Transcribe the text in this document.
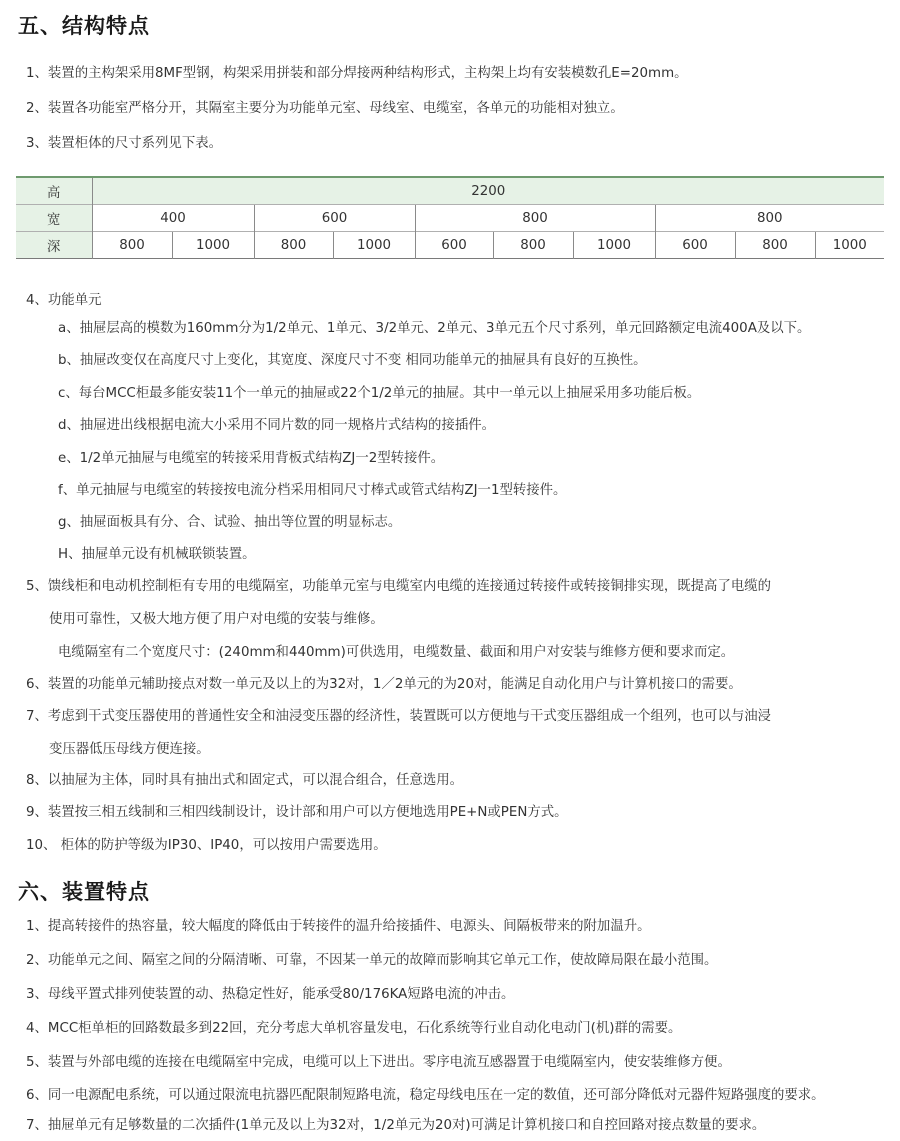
五、结构特点

1、装置的主构架采用8MF型钢，构架采用拼装和部分焊接两种结构形式，主构架上均有安装模数孔E=20mm。

2、装置各功能室严格分开，其隔室主要分为功能单元室、母线室、电缆室，各单元的功能相对独立。

3、装置柜体的尺寸系列见下表。

高	2200									
宽	400		600		800			800		
深	800	1000	800	1000	600	800	1000	600	800	1000

4、功能单元

a、抽屉层高的模数为160mm分为1/2单元、1单元、3/2单元、2单元、3单元五个尺寸系列，单元回路额定电流400A及以下。

b、抽屉改变仅在高度尺寸上变化，其宽度、深度尺寸不变 相同功能单元的抽屉具有良好的互换性。

c、每台MCC柜最多能安装11个一单元的抽屉或22个1/2单元的抽屉。其中一单元以上抽屉采用多功能后板。

d、抽屉进出线根据电流大小采用不同片数的同一规格片式结构的接插件。

e、1/2单元抽屉与电缆室的转接采用背板式结构ZJ一2型转接件。

f、单元抽屉与电缆室的转接按电流分档采用相同尺寸棒式或管式结构ZJ一1型转接件。

g、抽屉面板具有分、合、试验、抽出等位置的明显标志。

H、抽屉单元设有机械联锁装置。

5、馈线柜和电动机控制柜有专用的电缆隔室，功能单元室与电缆室内电缆的连接通过转接件或转接铜排实现，既提高了电缆的

使用可靠性，又极大地方便了用户对电缆的安装与维修。

电缆隔室有二个宽度尺寸：(240mm和440mm)可供选用，电缆数量、截面和用户对安装与维修方便和要求而定。

6、装置的功能单元辅助接点对数一单元及以上的为32对，1／2单元的为20对，能满足自动化用户与计算机接口的需要。

7、考虑到干式变压器使用的普通性安全和油浸变压器的经济性，装置既可以方便地与干式变压器组成一个组列，也可以与油浸

变压器低压母线方便连接。

8、以抽屉为主体，同时具有抽出式和固定式，可以混合组合，任意选用。

9、装置按三相五线制和三相四线制设计，设计部和用户可以方便地选用PE+N或PEN方式。

10、 柜体的防护等级为IP30、IP40，可以按用户需要选用。

六、装置特点

1、提高转接件的热容量，较大幅度的降低由于转接件的温升给接插件、电源头、间隔板带来的附加温升。

2、功能单元之间、隔室之间的分隔清晰、可靠，不因某一单元的故障而影响其它单元工作，使故障局限在最小范围。

3、母线平置式排列使装置的动、热稳定性好，能承受80/176KA短路电流的冲击。

4、MCC柜单柜的回路数最多到22回，充分考虑大单机容量发电，石化系统等行业自动化电动门(机)群的需要。

5、装置与外部电缆的连接在电缆隔室中完成，电缆可以上下进出。零序电流互感器置于电缆隔室内，使安装维修方便。

6、同一电源配电系统，可以通过限流电抗器匹配限制短路电流，稳定母线电压在一定的数值，还可部分降低对元器件短路强度的要求。

7、抽屉单元有足够数量的二次插件(1单元及以上为32对，1/2单元为20对)可满足计算机接口和自控回路对接点数量的要求。
